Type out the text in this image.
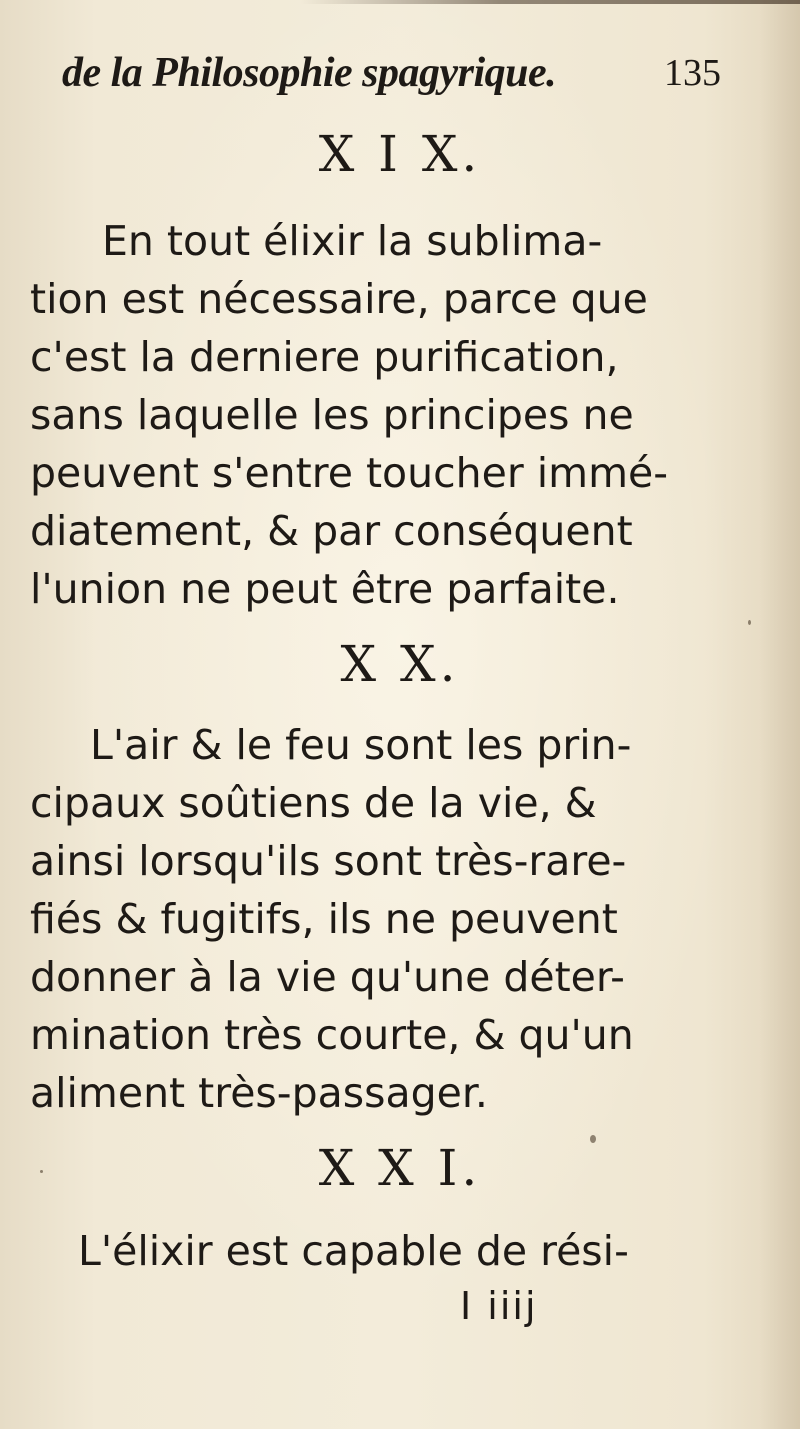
de la Philosophie spagyrique.	135
X I X.
En tout élixir la sublima-
tion est nécessaire, parce que
c'est la derniere purification,
sans laquelle les principes ne
peuvent s'entre toucher immé-
diatement, & par conséquent
l'union ne peut être parfaite.
X X.
L'air & le feu sont les prin-
cipaux soûtiens de la vie, &
ainsi lorsqu'ils sont très-rare-
fiés & fugitifs, ils ne peuvent
donner à la vie qu'une déter-
mination très courte, & qu'un
aliment très-passager.
X X I.
L'élixir est capable de rési-
I iiij
